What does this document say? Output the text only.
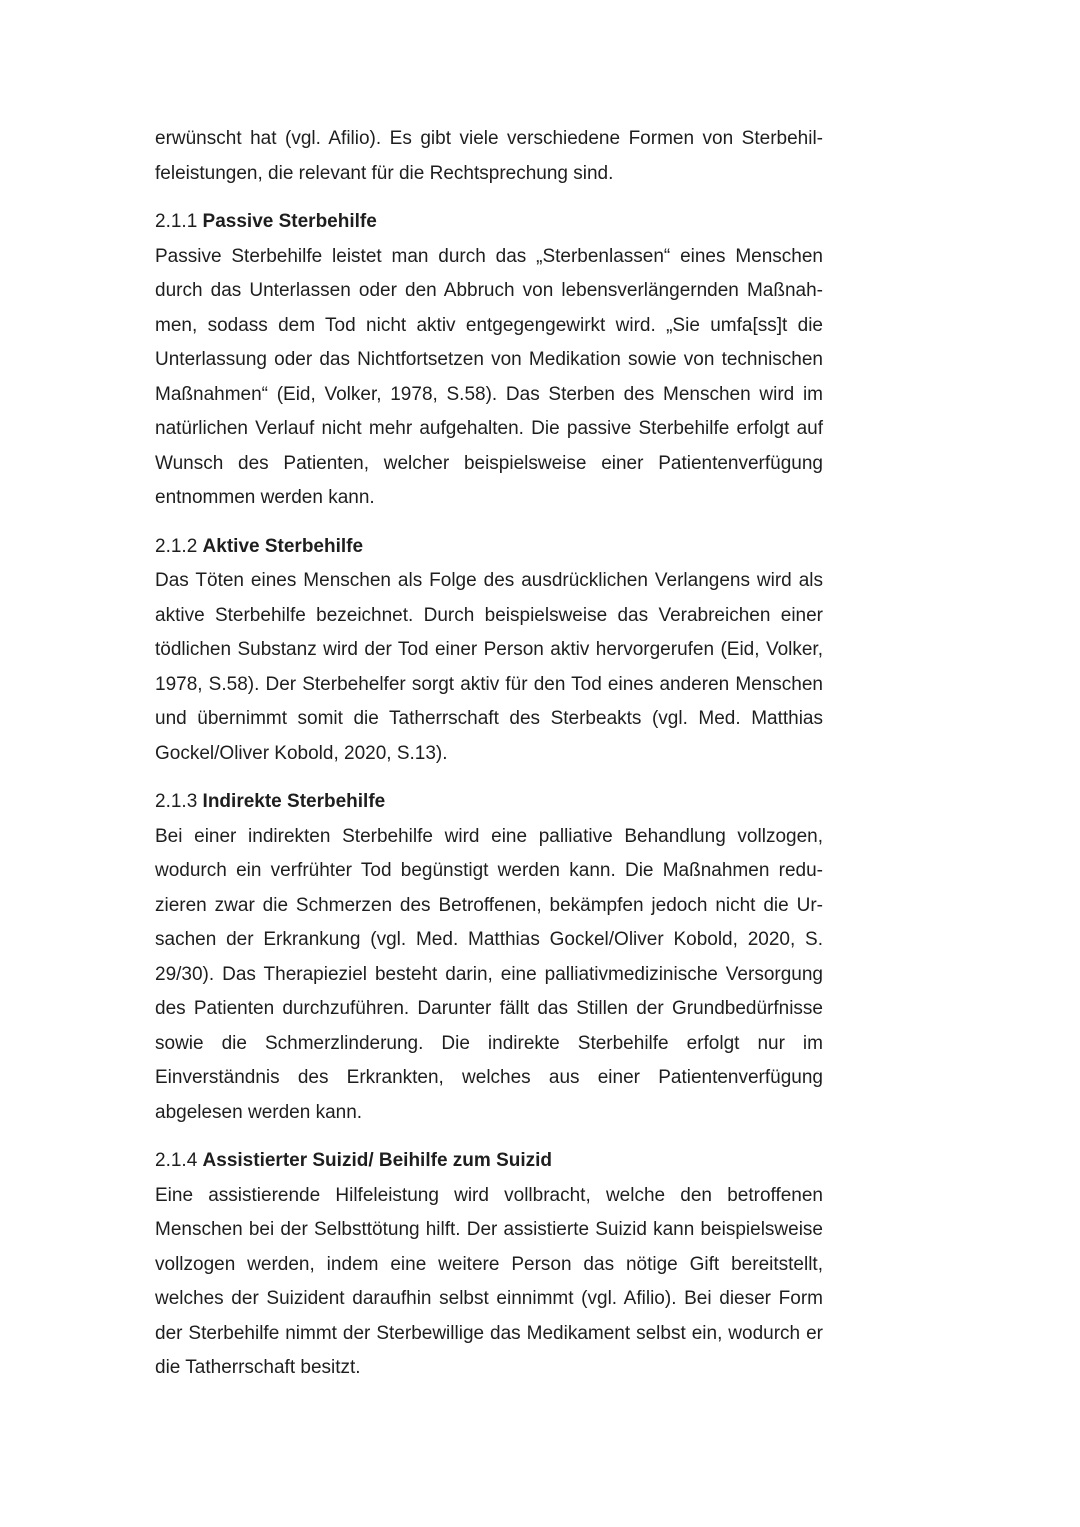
erwünscht hat (vgl. Afilio). Es gibt viele verschiedene Formen von Sterbehilfeleistungen, die relevant für die Rechtsprechung sind.

2.1.1 Passive Sterbehilfe

Passive Sterbehilfe leistet man durch das „Sterbenlassen“ eines Menschen durch das Unterlassen oder den Abbruch von lebensverlängernden Maßnahmen, sodass dem Tod nicht aktiv entgegengewirkt wird. „Sie umfa[ss]t die Unterlassung oder das Nichtfortsetzen von Medikation sowie von technischen Maßnahmen“ (Eid, Volker, 1978, S.58). Das Sterben des Menschen wird im natürlichen Verlauf nicht mehr aufgehalten. Die passive Sterbehilfe erfolgt auf Wunsch des Patienten, welcher beispielsweise einer Patientenverfügung entnommen werden kann.

2.1.2 Aktive Sterbehilfe

Das Töten eines Menschen als Folge des ausdrücklichen Verlangens wird als aktive Sterbehilfe bezeichnet. Durch beispielsweise das Verabreichen einer tödlichen Substanz wird der Tod einer Person aktiv hervorgerufen (Eid, Volker, 1978, S.58). Der Sterbehelfer sorgt aktiv für den Tod eines anderen Menschen und übernimmt somit die Tatherrschaft des Sterbeakts (vgl. Med. Matthias Gockel/Oliver Kobold, 2020, S.13).

2.1.3 Indirekte Sterbehilfe

Bei einer indirekten Sterbehilfe wird eine palliative Behandlung vollzogen, wodurch ein verfrühter Tod begünstigt werden kann. Die Maßnahmen reduzieren zwar die Schmerzen des Betroffenen, bekämpfen jedoch nicht die Ursachen der Erkrankung (vgl. Med. Matthias Gockel/Oliver Kobold, 2020, S. 29/30). Das Therapieziel besteht darin, eine palliativmedizinische Versorgung des Patienten durchzuführen. Darunter fällt das Stillen der Grundbedürfnisse sowie die Schmerzlinderung. Die indirekte Sterbehilfe erfolgt nur im Einverständnis des Erkrankten, welches aus einer Patientenverfügung abgelesen werden kann.

2.1.4 Assistierter Suizid/ Beihilfe zum Suizid

Eine assistierende Hilfeleistung wird vollbracht, welche den betroffenen Menschen bei der Selbsttötung hilft. Der assistierte Suizid kann beispielsweise vollzogen werden, indem eine weitere Person das nötige Gift bereitstellt, welches der Suizident daraufhin selbst einnimmt (vgl. Afilio). Bei dieser Form der Sterbehilfe nimmt der Sterbewillige das Medikament selbst ein, wodurch er die Tatherrschaft besitzt.
